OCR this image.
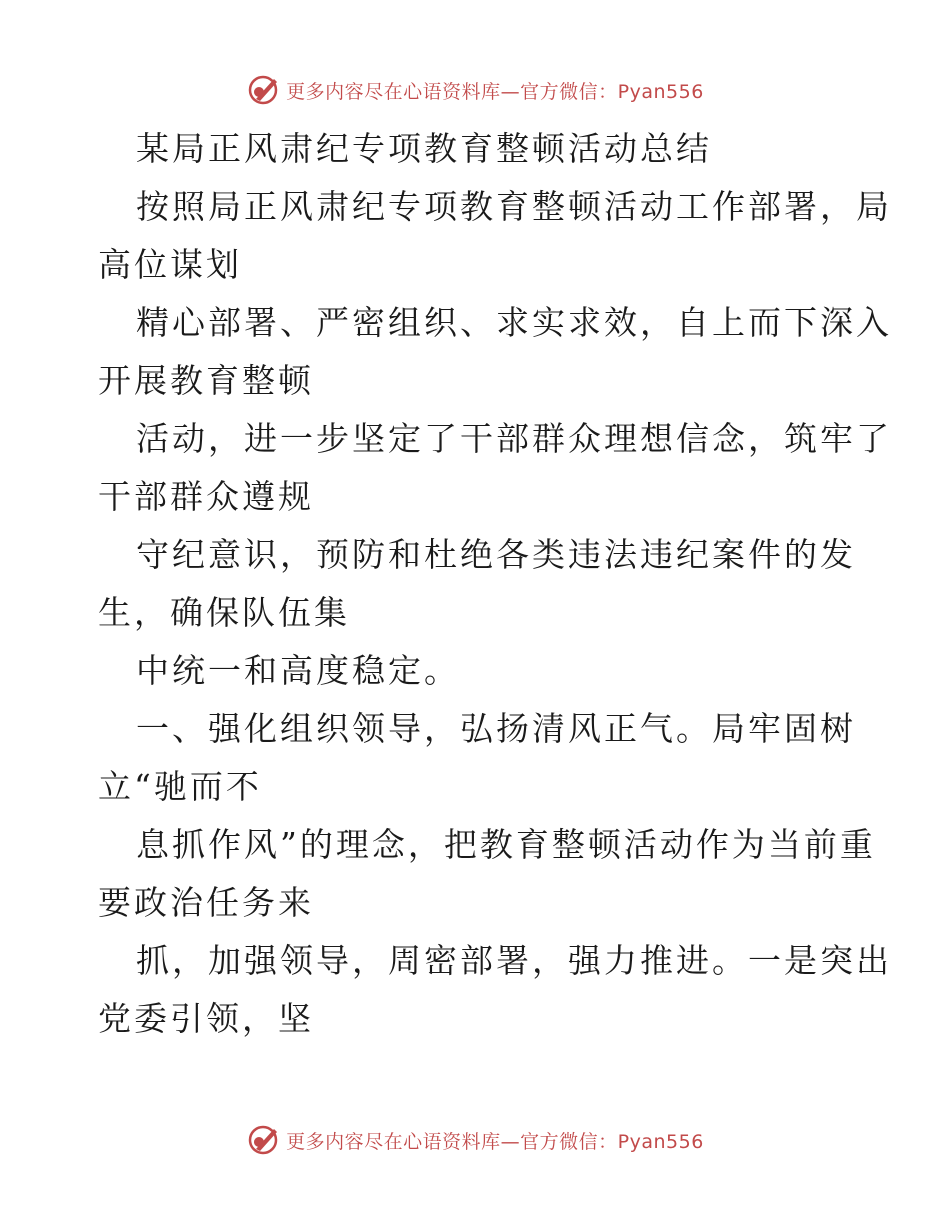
更多内容尽在心语资料库—官方微信：Pyan556
某局正风肃纪专项教育整顿活动总结
按照局正风肃纪专项教育整顿活动工作部署，局
高位谋划
精心部署、严密组织、求实求效，自上而下深入
开展教育整顿
活动，进一步坚定了干部群众理想信念，筑牢了
干部群众遵规
守纪意识，预防和杜绝各类违法违纪案件的发
生，确保队伍集
中统一和高度稳定。
一、强化组织领导，弘扬清风正气。局牢固树
立“驰而不
息抓作风”的理念，把教育整顿活动作为当前重
要政治任务来
抓，加强领导，周密部署，强力推进。一是突出
党委引领，坚
更多内容尽在心语资料库—官方微信：Pyan556
